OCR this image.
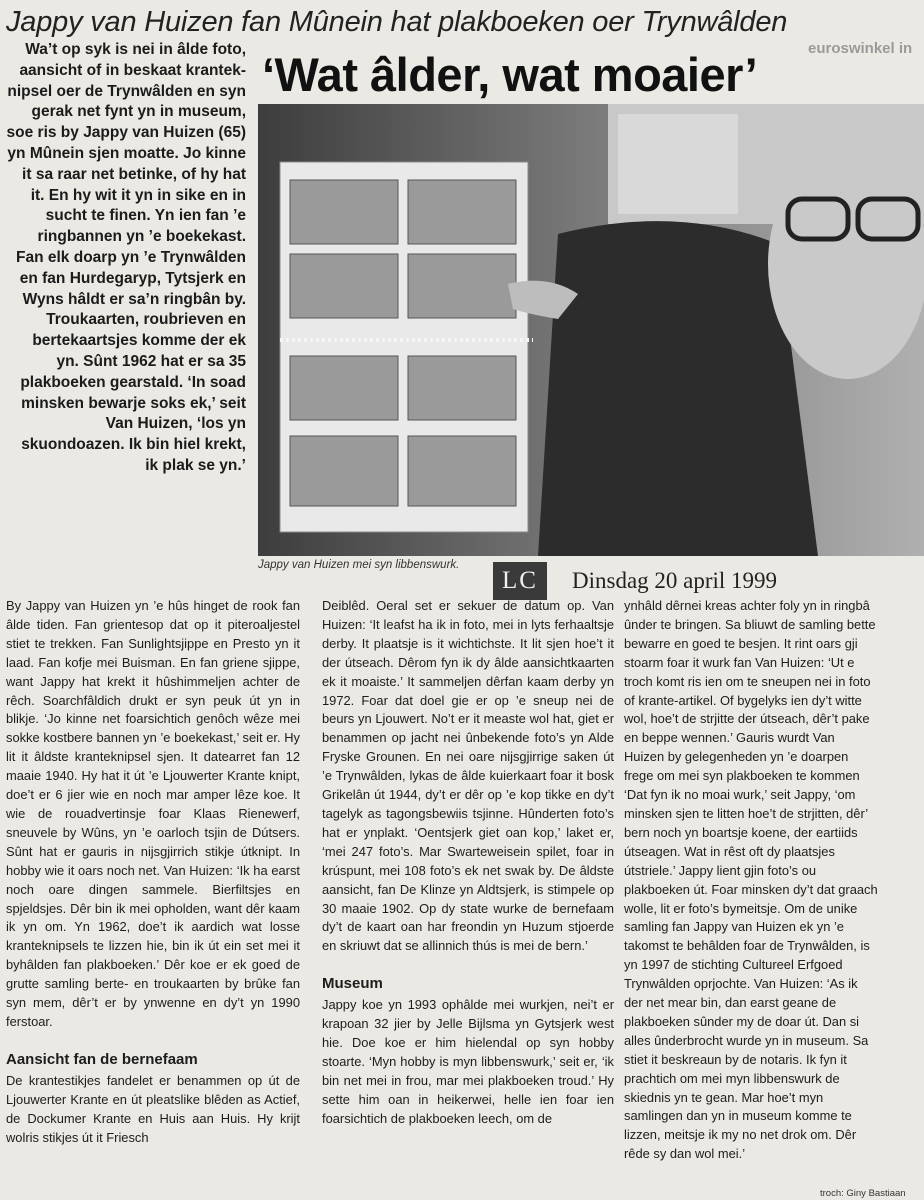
Jappy van Huizen fan Mûnein hat plakboeken oer Trynwâlden
euroswinkel in
‘Wat âlder, wat moaier’
Wa’t op syk is nei in âlde foto, aansicht of in beskaat kranteknipsel oer de Trynwâlden en syn gerak net fynt yn in museum, soe ris by Jappy van Huizen (65) yn Mûnein sjen moatte. Jo kinne it sa raar net betinke, of hy hat it. En hy wit it yn in sike en in sucht te finen. Yn ien fan ’e ringbannen yn ’e boekekast. Fan elk doarp yn ’e Trynwâlden en fan Hurdegaryp, Tytsjerk en Wyns hâldt er sa’n ringbân by. Troukaarten, roubrieven en bertekaartsjes komme der ek yn. Sûnt 1962 hat er sa 35 plakboeken gearstald. ‘In soad minsken bewarje soks ek,’ seit Van Huizen, ‘los yn skuondoazen. Ik bin hiel krekt, ik plak se yn.’
Jappy van Huizen mei syn libbenswurk.
LC	Dinsdag 20 april 1999

By Jappy van Huizen yn ’e hûs hinget de rook fan âlde tiden. Fan grientesop dat op it piteroaljestel stiet te trekken. Fan Sunlightsjippe en Presto yn it laad. Fan kofje mei Buisman. En fan griene sjippe, want Jappy hat krekt it hûshimmeljen achter de rêch. Soarchfâldich drukt er syn peuk út yn in blikje. ‘Jo kinne net foarsichtich genôch wêze mei sokke kostbere bannen yn ’e boekekast,’ seit er. Hy lit it âldste kranteknipsel sjen. It datearret fan 12 maaie 1940. Hy hat it út ’e Ljouwerter Krante knipt, doe’t er 6 jier wie en noch mar amper lêze koe. It wie de rouadvertinsje foar Klaas Rienewerf, sneuvele by Wûns, yn ’e oarloch tsjin de Dútsers. Sûnt hat er gauris in nijsgjirrich stikje útknipt. In hobby wie it oars noch net. Van Huizen: ‘Ik ha earst noch oare dingen sammele. Bierfiltsjes en spjeldsjes. Dêr bin ik mei opholden, want dêr kaam ik yn om. Yn 1962, doe’t ik aardich wat losse kranteknipsels te lizzen hie, bin ik út ein set mei it byhâlden fan plakboeken.’ Dêr koe er ek goed de grutte samling berte- en troukaarten by brûke fan syn mem, dêr’t er by ynwenne en dy’t yn 1990 ferstoar.

Aansicht fan de bernefaam

De krantestikjes fandelet er benammen op út de Ljouwerter Krante en út pleatslike blêden as Actief, de Dockumer Krante en Huis aan Huis. Hy krijt wolris stikjes út it Friesch

Deiblêd. Oeral set er sekuer de datum op. Van Huizen: ‘It leafst ha ik in foto, mei in lyts ferhaaltsje derby. It plaatsje is it wichtichste. It lit sjen hoe’t it der útseach. Dêrom fyn ik dy âlde aansichtkaarten ek it moaiste.’ It sammeljen dêrfan kaam derby yn 1972. Foar dat doel gie er op ’e sneup nei de beurs yn Ljouwert. No’t er it measte wol hat, giet er benammen op jacht nei ûnbekende foto’s yn Alde Fryske Grounen. En nei oare nijsgjirrige saken út ’e Trynwâlden, lykas de âlde kuierkaart foar it bosk Grikelân út 1944, dy’t er dêr op ’e kop tikke en dy’t tagelyk as tagongsbewiis tsjinne. Hûnderten foto’s hat er ynplakt. ‘Oentsjerk giet oan kop,’ laket er, ‘mei 247 foto’s. Mar Swarteweisein spilet, foar in krúspunt, mei 108 foto’s ek net swak by. De âldste aansicht, fan De Klinze yn Aldtsjerk, is stimpele op 30 maaie 1902. Op dy state wurke de bernefaam dy’t de kaart oan har freondin yn Huzum stjoerde en skriuwt dat se allinnich thús is mei de bern.’

Museum

Jappy koe yn 1993 ophâlde mei wurkjen, nei’t er krapoan 32 jier by Jelle Bijlsma yn Gytsjerk west hie. Doe koe er him hielendal op syn hobby stoarte. ‘Myn hobby is myn libbenswurk,’ seit er, ‘ik bin net mei in frou, mar mei plakboeken troud.’ Hy sette him oan in heikerwei, helle ien foar ien foarsichtich de plakboeken leech, om de

ynhâld dêrnei kreas achter foly yn in ringbâ

ûnder te bringen. Sa bliuwt de samling bette

bewarre en goed te besjen. It rint oars gji

stoarm foar it wurk fan Van Huizen: ‘Ut e

troch komt ris ien om te sneupen nei in foto

of krante-artikel. Of bygelyks ien dy’t witte

wol, hoe’t de strjitte der útseach, dêr’t pake

en beppe wennen.’ Gauris wurdt Van

Huizen by gelegenheden yn ’e doarpen

frege om mei syn plakboeken te kommen

‘Dat fyn ik no moai wurk,’ seit Jappy, ‘om

minsken sjen te litten hoe’t de strjitten, dêr’

bern noch yn boartsje koene, der eartiids

útseagen. Wat in rêst oft dy plaatsjes

útstriele.’ Jappy lient gjin foto’s ou

plakboeken út. Foar minsken dy’t dat graach

wolle, lit er foto’s bymeitsje. Om de unike

samling fan Jappy van Huizen ek yn ’e

takomst te behâlden foar de Trynwâlden, is

yn 1997 de stichting Cultureel Erfgoed

Trynwâlden oprjochte. Van Huizen: ‘As ik

der net mear bin, dan earst geane de

plakboeken sûnder my de doar út. Dan si

alles ûnderbrocht wurde yn in museum. Sa

stiet it beskreaun by de notaris. Ik fyn it

prachtich om mei myn libbenswurk de

skiednis yn te gean. Mar hoe’t myn

samlingen dan yn in museum komme te

lizzen, meitsje ik my no net drok om. Dêr

rêde sy dan wol mei.’

troch: Giny Bastiaan
